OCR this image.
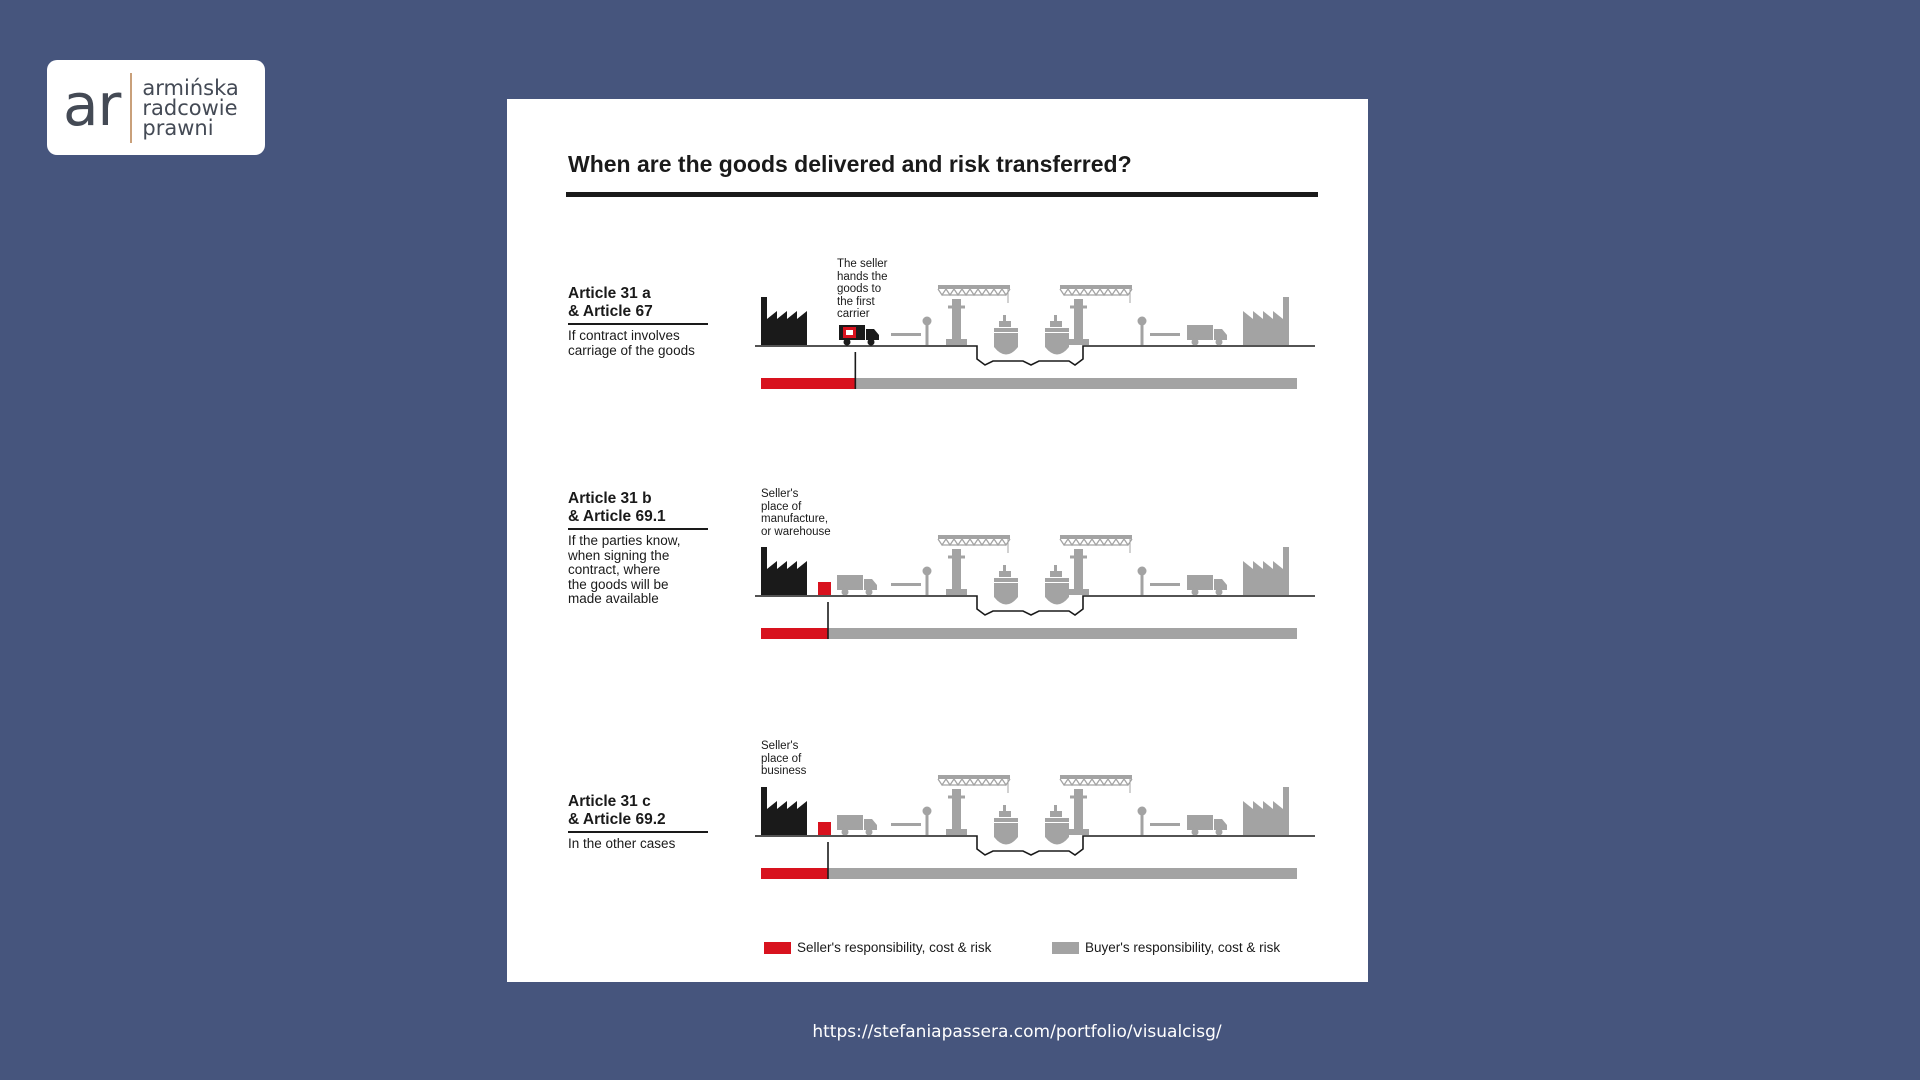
ar armińska
radcowie
prawni
When are the goods delivered and risk transferred?
Article 31 a
& Article 67
If contract involves
carriage of the goods
The seller
hands the
goods to
the first
carrier
Article 31 b
& Article 69.1
If the parties know,
when signing the
contract, where
the goods will be
made available
Seller's
place of
manufacture,
or warehouse
Article 31 c
& Article 69.2
In the other cases
Seller's
place of
business
Seller's responsibility, cost & risk	Buyer's responsibility, cost & risk
https://stefaniapassera.com/portfolio/visualcisg/
